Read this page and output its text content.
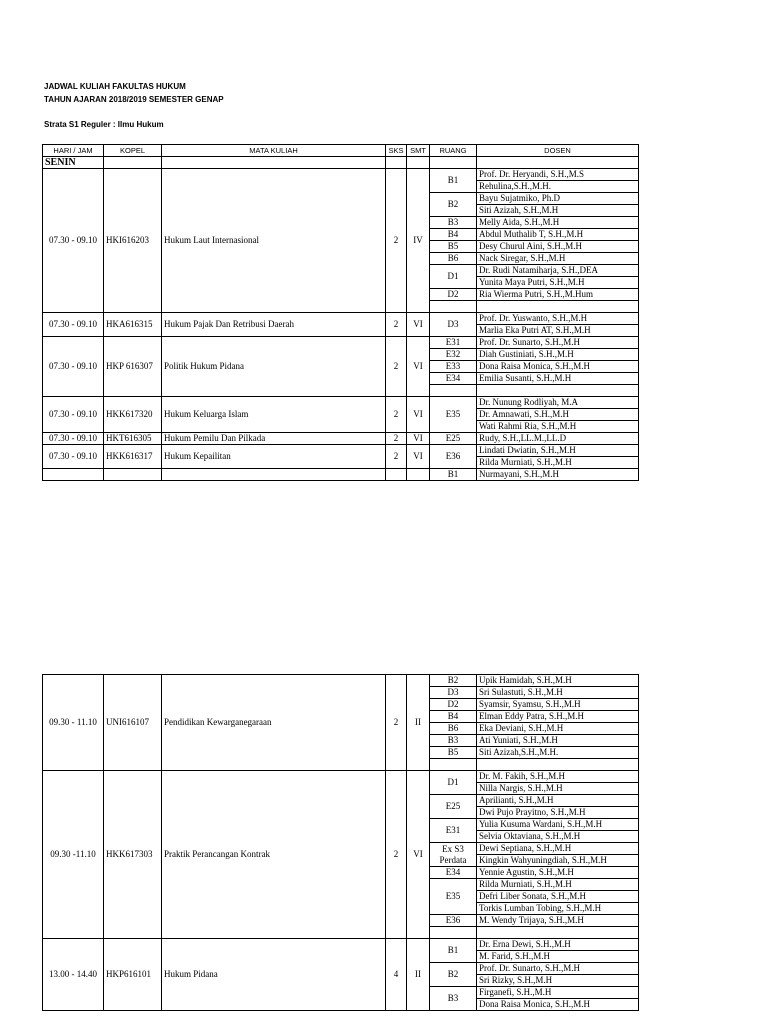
JADWAL KULIAH FAKULTAS HUKUM
TAHUN AJARAN 2018/2019 SEMESTER GENAP
Strata S1 Reguler : Ilmu Hukum
HARI / JAM	KOPEL	MATA KULIAH	SKS	SMT	RUANG	DOSEN
SENIN						
07.30 - 09.10	HKI616203	Hukum Laut Internasional	2	IV	B1	Prof. Dr. Heryandi, S.H.,M.S
						Rehulina,S.H.,M.H.
					B2	Bayu Sujatmiko, Ph.D
						Siti Azizah, S.H.,M.H
					B3	Melly Aida, S.H.,M.H
					B4	Abdul Muthalib T, S.H.,M.H
					B5	Desy Churul Aini, S.H.,M.H
					B6	Nack Siregar, S.H.,M.H
					D1	Dr. Rudi Natamiharja, S.H.,DEA
						Yunita Maya Putri, S.H.,M.H
					D2	Ria Wierma Putri, S.H.,M.Hum

07.30 - 09.10	HKA616315	Hukum Pajak Dan Retribusi Daerah	2	VI	D3	Prof. Dr. Yuswanto, S.H.,M.H
						Marlia Eka Putri AT, S.H.,M.H
07.30 - 09.10	HKP 616307	Politik Hukum Pidana	2	VI	E31	Prof. Dr. Sunarto, S.H.,M.H
					E32	Diah Gustiniati, S.H.,M.H
					E33	Dona Raisa Monica, S.H.,M.H
					E34	Emilia Susanti, S.H.,M.H

07.30 - 09.10	HKK617320	Hukum Keluarga Islam	2	VI	E35	Dr. Nunung Rodliyah, M.A
						Dr. Amnawati, S.H.,M.H
						Wati Rahmi Ria, S.H.,M.H
07.30 - 09.10	HKT616305	Hukum Pemilu Dan Pilkada	2	VI	E25	Rudy, S.H.,LL.M.,LL.D
07.30 - 09.10	HKK616317	Hukum Kepailitan	2	VI	E36	Lindati Dwiatin, S.H.,M.H
						Rilda Murniati, S.H.,M.H
					B1	Nurmayani, S.H.,M.H
09.30 - 11.10	UNI616107	Pendidikan Kewarganegaraan	2	II	B2	Upik Hamidah, S.H.,M.H
					D3	Sri Sulastuti, S.H.,M.H
					D2	Syamsir, Syamsu, S.H.,M.H
					B4	Elman Eddy Patra, S.H.,M.H
					B6	Eka Deviani, S.H.,M.H
					B3	Ati Yuniati, S.H.,M.H
					B5	Siti Azizah,S.H.,M.H.

09.30 -11.10	HKK617303	Praktik Perancangan Kontrak	2	VI	D1	Dr. M. Fakih, S.H.,M.H
						Nilla Nargis, S.H.,M.H
					E25	Aprilianti, S.H.,M.H
						Dwi Pujo Prayitno, S.H.,M.H
					E31	Yulia Kusuma Wardani, S.H.,M.H
						Selvia Oktaviana, S.H.,M.H
					Ex S3 Perdata	Dewi Septiana, S.H.,M.H
						Kingkin Wahyuningdiah, S.H.,M.H
					E34	Yennie Agustin, S.H.,M.H
					E35	Rilda Murniati, S.H.,M.H
						Defri Liber Sonata, S.H.,M.H
						Torkis Lumban Tobing, S.H.,M.H
					E36	M. Wendy Trijaya, S.H.,M.H

13.00 - 14.40	HKP616101	Hukum Pidana	4	II	B1	Dr. Erna Dewi, S.H.,M.H
						M. Farid, S.H.,M.H
					B2	Prof. Dr. Sunarto, S.H.,M.H
						Sri Rizky, S.H.,M.H
					B3	Firganefi, S.H.,M.H
						Dona Raisa Monica, S.H.,M.H
